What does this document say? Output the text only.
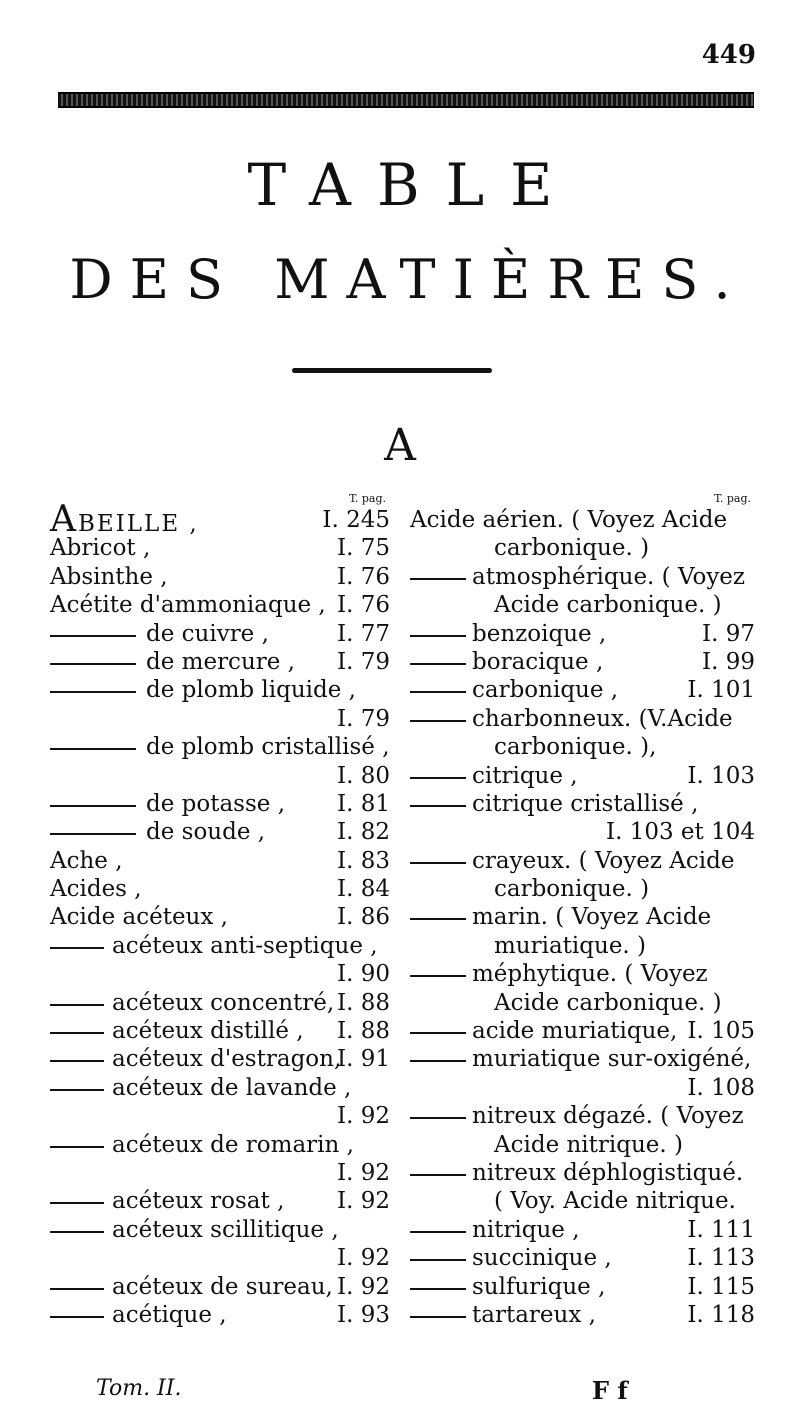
449
TABLE
DES MATIÈRES.
A
T. pag.
ABEILLE ,	I. 245
Abricot ,	I. 75
Absinthe ,	I. 76
Acétite d'ammoniaque , I. 76
de cuivre ,	I. 77
de mercure , I. 79
de plomb liquide ,
I. 79
de plomb cristallisé ,
I. 80
de potasse , I. 81
de soude ,	I. 82
Ache ,	I. 83
Acides ,	I. 84
Acide acéteux ,	I. 86
acéteux anti-septique ,
I. 90
acéteux concentré, I. 88
acéteux distillé , I. 88
acéteux d'estragon,
I. 91
acéteux de lavande ,
I. 92
acéteux de romarin ,
I. 92
acéteux rosat , I. 92
acéteux scillitique ,
I. 92
acéteux de sureau, I. 92
acétique ,	I. 93
T. pag.
Acide aérien. ( Voyez Acide
carbonique. )
atmosphérique. ( Voyez
Acide carbonique. )
benzoique ,	I. 97
boracique ,	I. 99
carbonique ,	I. 101
charbonneux. (V.Acide
carbonique. ),
citrique ,	I. 103
citrique cristallisé ,
I. 103 et 104
crayeux. ( Voyez Acide
carbonique. )
marin. ( Voyez Acide
muriatique. )
méphytique. ( Voyez
Acide carbonique. )
acide muriatique, I. 105
muriatique sur-oxigéné,
I. 108
nitreux dégazé. ( Voyez
Acide nitrique. )
nitreux déphlogistiqué.
( Voy. Acide nitrique.
nitrique ,	I. 111
succinique ,	I. 113
sulfurique ,	I. 115
tartareux ,	I. 118
Tom. II.	F f
